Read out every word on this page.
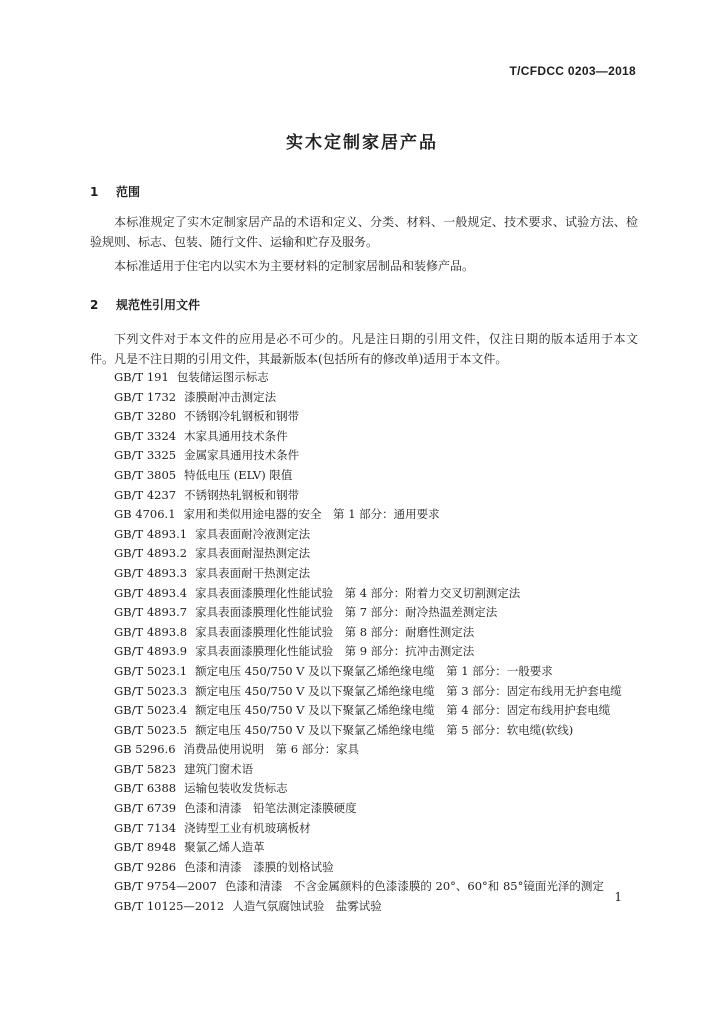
T/CFDCC 0203—2018
实木定制家居产品
1 范围
本标准规定了实木定制家居产品的术语和定义、分类、材料、一般规定、技术要求、试验方法、检验规则、标志、包装、随行文件、运输和贮存及服务。
本标准适用于住宅内以实木为主要材料的定制家居制品和装修产品。
2 规范性引用文件
下列文件对于本文件的应用是必不可少的。凡是注日期的引用文件，仅注日期的版本适用于本文件。凡是不注日期的引用文件，其最新版本(包括所有的修改单)适用于本文件。
GB/T 191 包装储运图示标志
GB/T 1732 漆膜耐冲击测定法
GB/T 3280 不锈钢冷轧钢板和钢带
GB/T 3324 木家具通用技术条件
GB/T 3325 金属家具通用技术条件
GB/T 3805 特低电压 (ELV) 限值
GB/T 4237 不锈钢热轧钢板和钢带
GB 4706.1 家用和类似用途电器的安全　第 1 部分：通用要求
GB/T 4893.1 家具表面耐冷液测定法
GB/T 4893.2 家具表面耐湿热测定法
GB/T 4893.3 家具表面耐干热测定法
GB/T 4893.4 家具表面漆膜理化性能试验　第 4 部分：附着力交叉切割测定法
GB/T 4893.7 家具表面漆膜理化性能试验　第 7 部分：耐冷热温差测定法
GB/T 4893.8 家具表面漆膜理化性能试验　第 8 部分：耐磨性测定法
GB/T 4893.9 家具表面漆膜理化性能试验　第 9 部分：抗冲击测定法
GB/T 5023.1 额定电压 450/750 V 及以下聚氯乙烯绝缘电缆　第 1 部分：一般要求
GB/T 5023.3 额定电压 450/750 V 及以下聚氯乙烯绝缘电缆　第 3 部分：固定布线用无护套电缆
GB/T 5023.4 额定电压 450/750 V 及以下聚氯乙烯绝缘电缆　第 4 部分：固定布线用护套电缆
GB/T 5023.5 额定电压 450/750 V 及以下聚氯乙烯绝缘电缆　第 5 部分：软电缆(软线)
GB 5296.6 消费品使用说明　第 6 部分：家具
GB/T 5823 建筑门窗术语
GB/T 6388 运输包装收发货标志
GB/T 6739 色漆和清漆　铅笔法测定漆膜硬度
GB/T 7134 浇铸型工业有机玻璃板材
GB/T 8948 聚氯乙烯人造革
GB/T 9286 色漆和清漆　漆膜的划格试验
GB/T 9754—2007 色漆和清漆　不含金属颜料的色漆漆膜的 20°、60°和 85°镜面光泽的测定
GB/T 10125—2012 人造气氛腐蚀试验　盐雾试验
1
